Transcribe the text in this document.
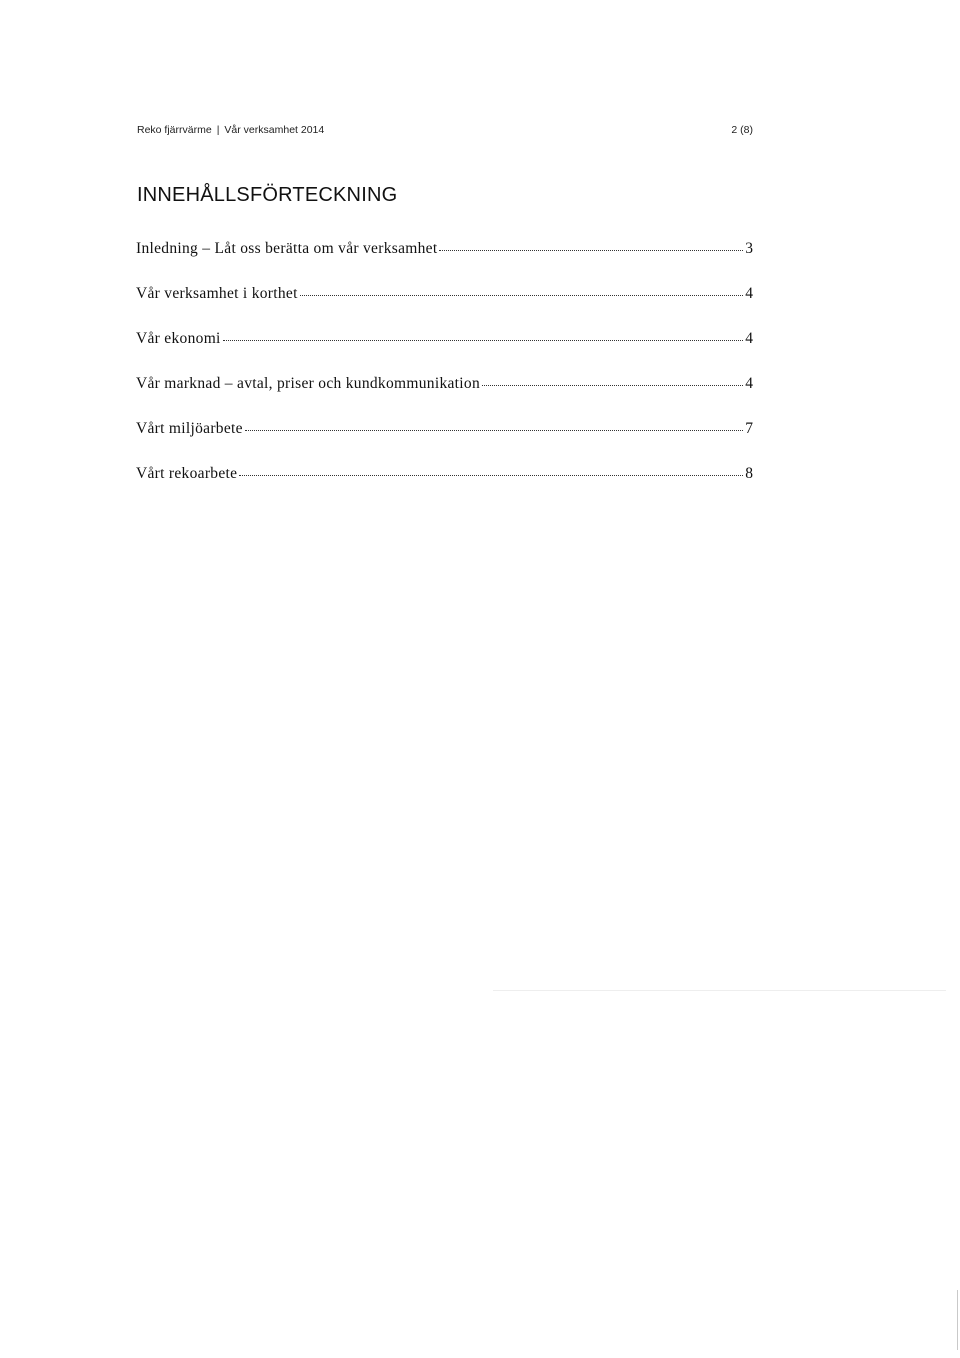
Reko fjärrvärme | Vår verksamhet 2014	2 (8)
INNEHÅLLSFÖRTECKNING
Inledning – Låt oss berätta om vår verksamhet	3
Vår verksamhet i korthet	4
Vår ekonomi	4
Vår marknad – avtal, priser och kundkommunikation	4
Vårt miljöarbete	7
Vårt rekoarbete	8
